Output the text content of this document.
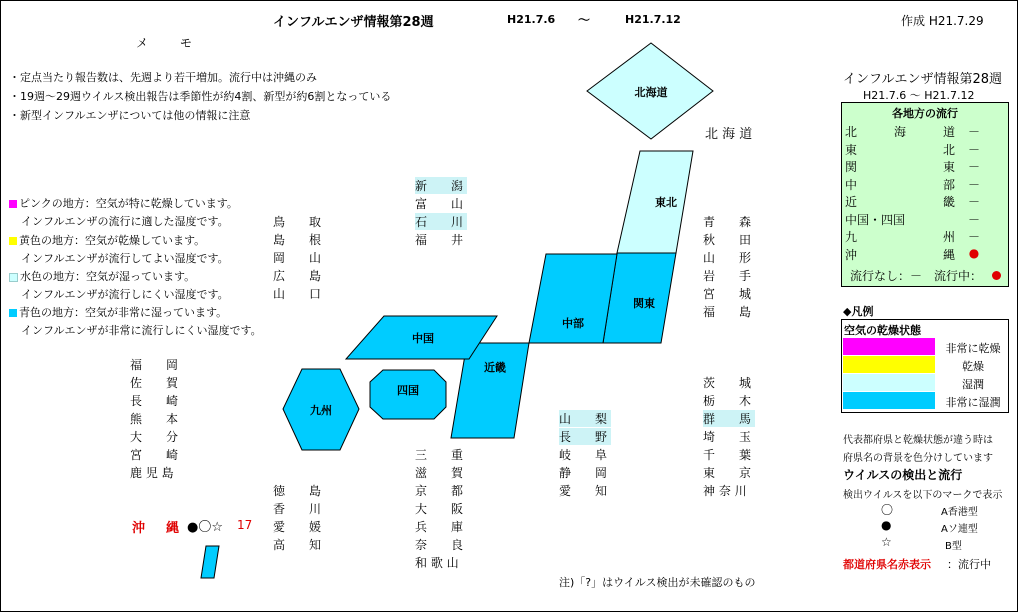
インフルエンザ情報第28週	H21.7.6 ～	H21.7.12	作成 H21.7.29
メ モ
・定点当たり報告数は、先週より若干増加。流行中は沖縄のみ
・19週～29週ウイルス検出報告は季節性が約4割、新型が約6割となっている
・新型インフルエンザについては他の情報に注意
ピンクの地方：空気が特に乾燥しています。
インフルエンザの流行に適した湿度です。
黄色の地方：空気が乾燥しています。
インフルエンザが流行してよい湿度です。
水色の地方：空気が湿っています。
インフルエンザが流行しにくい湿度です。
青色の地方：空気が非常に湿っています。
インフルエンザが非常に流行しにくい湿度です。
北海道
東北
関東
中部
近畿
中国
四国
九州
北 海 道
青　　森
秋　　田
山　　形
岩　　手
宮　　城
福　　島
新　　潟
富　　山
石　　川
福　　井
鳥　　取
島　　根
岡　　山
広　　島
山　　口
福　　岡
佐　　賀
長　　崎
熊　　本
大　　分
宮　　崎
鹿 児 島
茨　　城
栃　　木
群　　馬
埼　　玉
千　　葉
東　　京
神 奈 川
山　　梨
長　　野
岐　　阜
静　　岡
愛　　知
三　　重
滋　　賀
京　　都
大　　阪
兵　　庫
奈　　良
和 歌 山
徳　　島
香　　川
愛　　媛
高　　知
沖　縄 ●〇☆ 17
注)「?」はウイルス検出が未確認のもの
インフルエンザ情報第28週
H21.7.6 ～ H21.7.12
各地方の流行
北	海	道	－
東	北	－
関	東	－
中	部	－
近	畿	－
中国・四国	－
九	州	－
沖	縄	●
流行なし：－ 流行中：
◆凡例
空気の乾燥状態
非常に乾燥
乾燥
湿潤
非常に湿潤
代表都府県と乾燥状態が違う時は
府県名の背景を色分けしています
ウイルスの検出と流行
検出ウイルスを以下のマークで表示
〇	A香港型
●	Aソ連型
☆	B型
都道府県名赤表示 ：流行中
